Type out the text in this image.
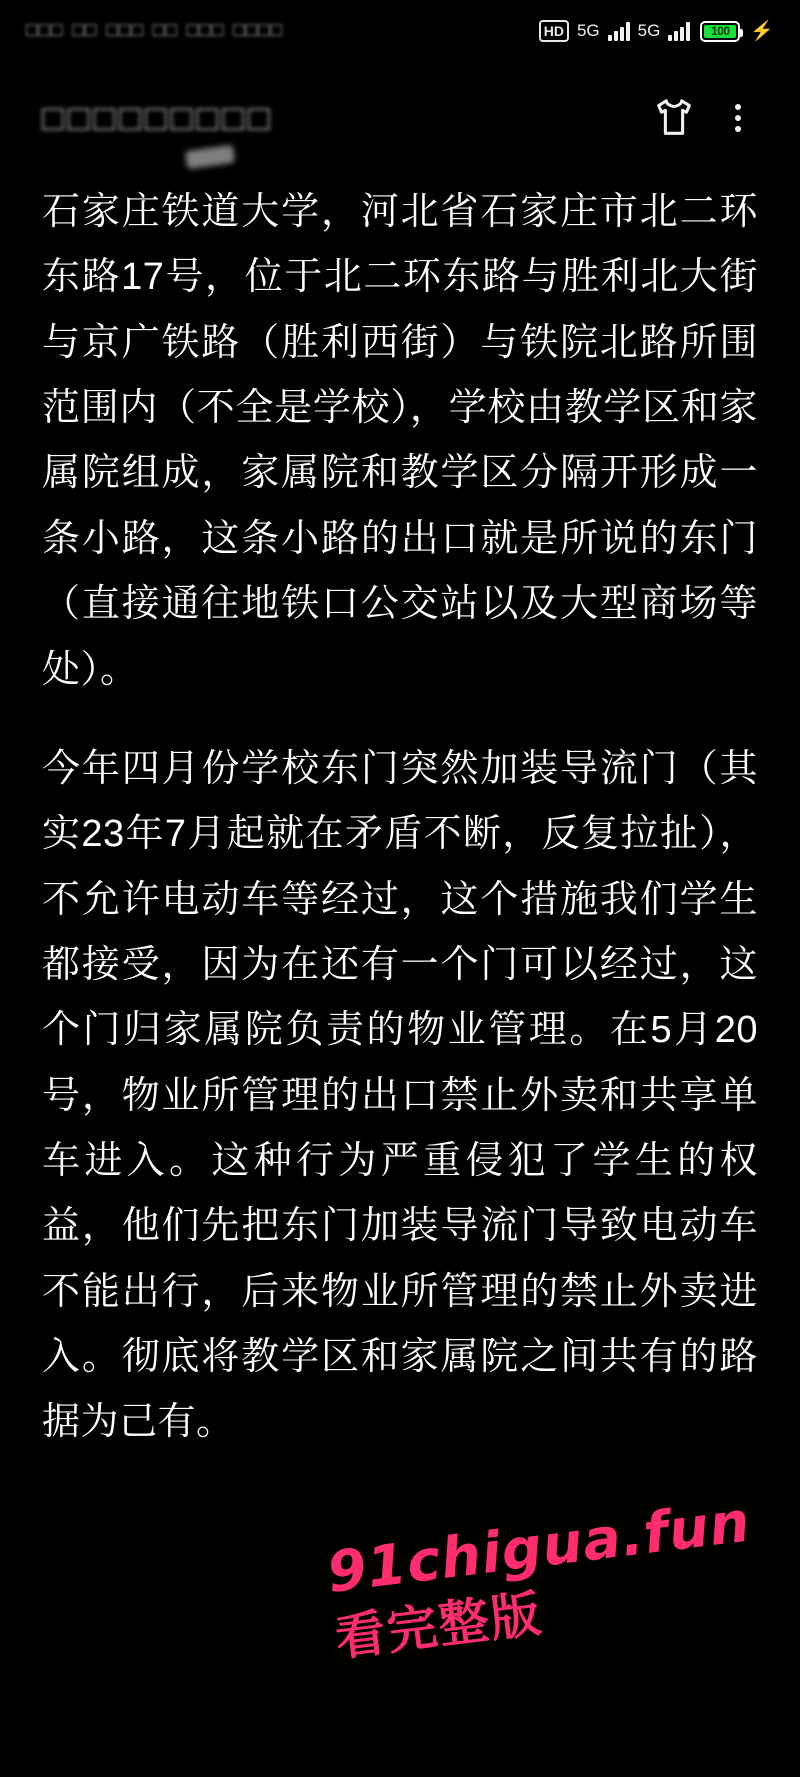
□□□ □□ □□□ □□ □□□ □□□□	HD 5G 5G	100 ⚡
□□□□□□□□□

石家庄铁道大学，河北省石家庄市北二环东路17号，位于北二环东路与胜利北大街与京广铁路（胜利西街）与铁院北路所围范围内（不全是学校），学校由教学区和家属院组成，家属院和教学区分隔开形成一条小路，这条小路的出口就是所说的东门（直接通往地铁口公交站以及大型商场等处）。

今年四月份学校东门突然加装导流门（其实23年7月起就在矛盾不断，反复拉扯），不允许电动车等经过，这个措施我们学生都接受，因为在还有一个门可以经过，这个门归家属院负责的物业管理。在5月20号，物业所管理的出口禁止外卖和共享单车进入。这种行为严重侵犯了学生的权益，他们先把东门加装导流门导致电动车不能出行，后来物业所管理的禁止外卖进入。彻底将教学区和家属院之间共有的路据为己有。

91chigua.fun
看完整版
